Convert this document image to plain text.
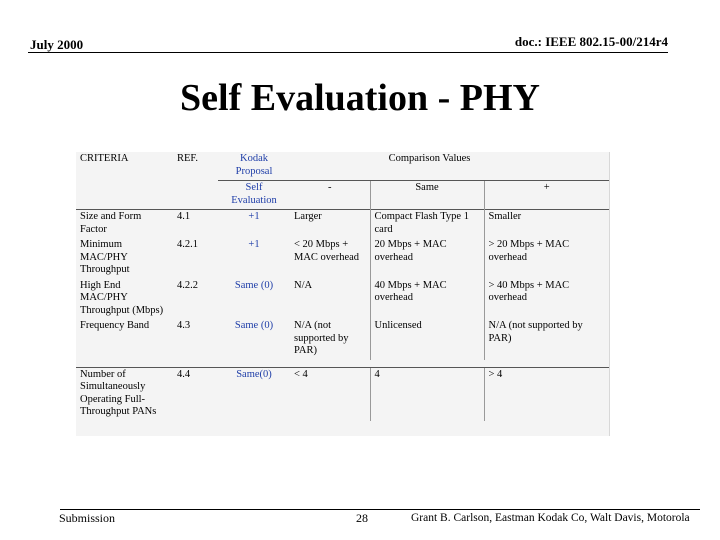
July 2000	doc.: IEEE 802.15-00/214r4
Self Evaluation - PHY
CRITERIA	REF.	Kodak Proposal	Comparison Values		
		Self Evaluation	-	Same	+
Size and Form Factor	4.1	+1	Larger	Compact Flash Type 1 card	Smaller
Minimum MAC/PHY Throughput	4.2.1	+1	< 20 Mbps + MAC overhead	20 Mbps + MAC overhead	> 20 Mbps + MAC overhead
High End MAC/PHY Throughput (Mbps)	4.2.2	Same (0)	N/A	40 Mbps + MAC overhead	> 40 Mbps + MAC overhead
Frequency Band	4.3	Same (0)	N/A (not supported by PAR)	Unlicensed	N/A (not supported by PAR)

Number of Simultaneously Operating Full-Throughput PANs	4.4	Same(0)	< 4	4	> 4
Submission	28	Grant B. Carlson, Eastman Kodak Co, Walt Davis, Motorola
